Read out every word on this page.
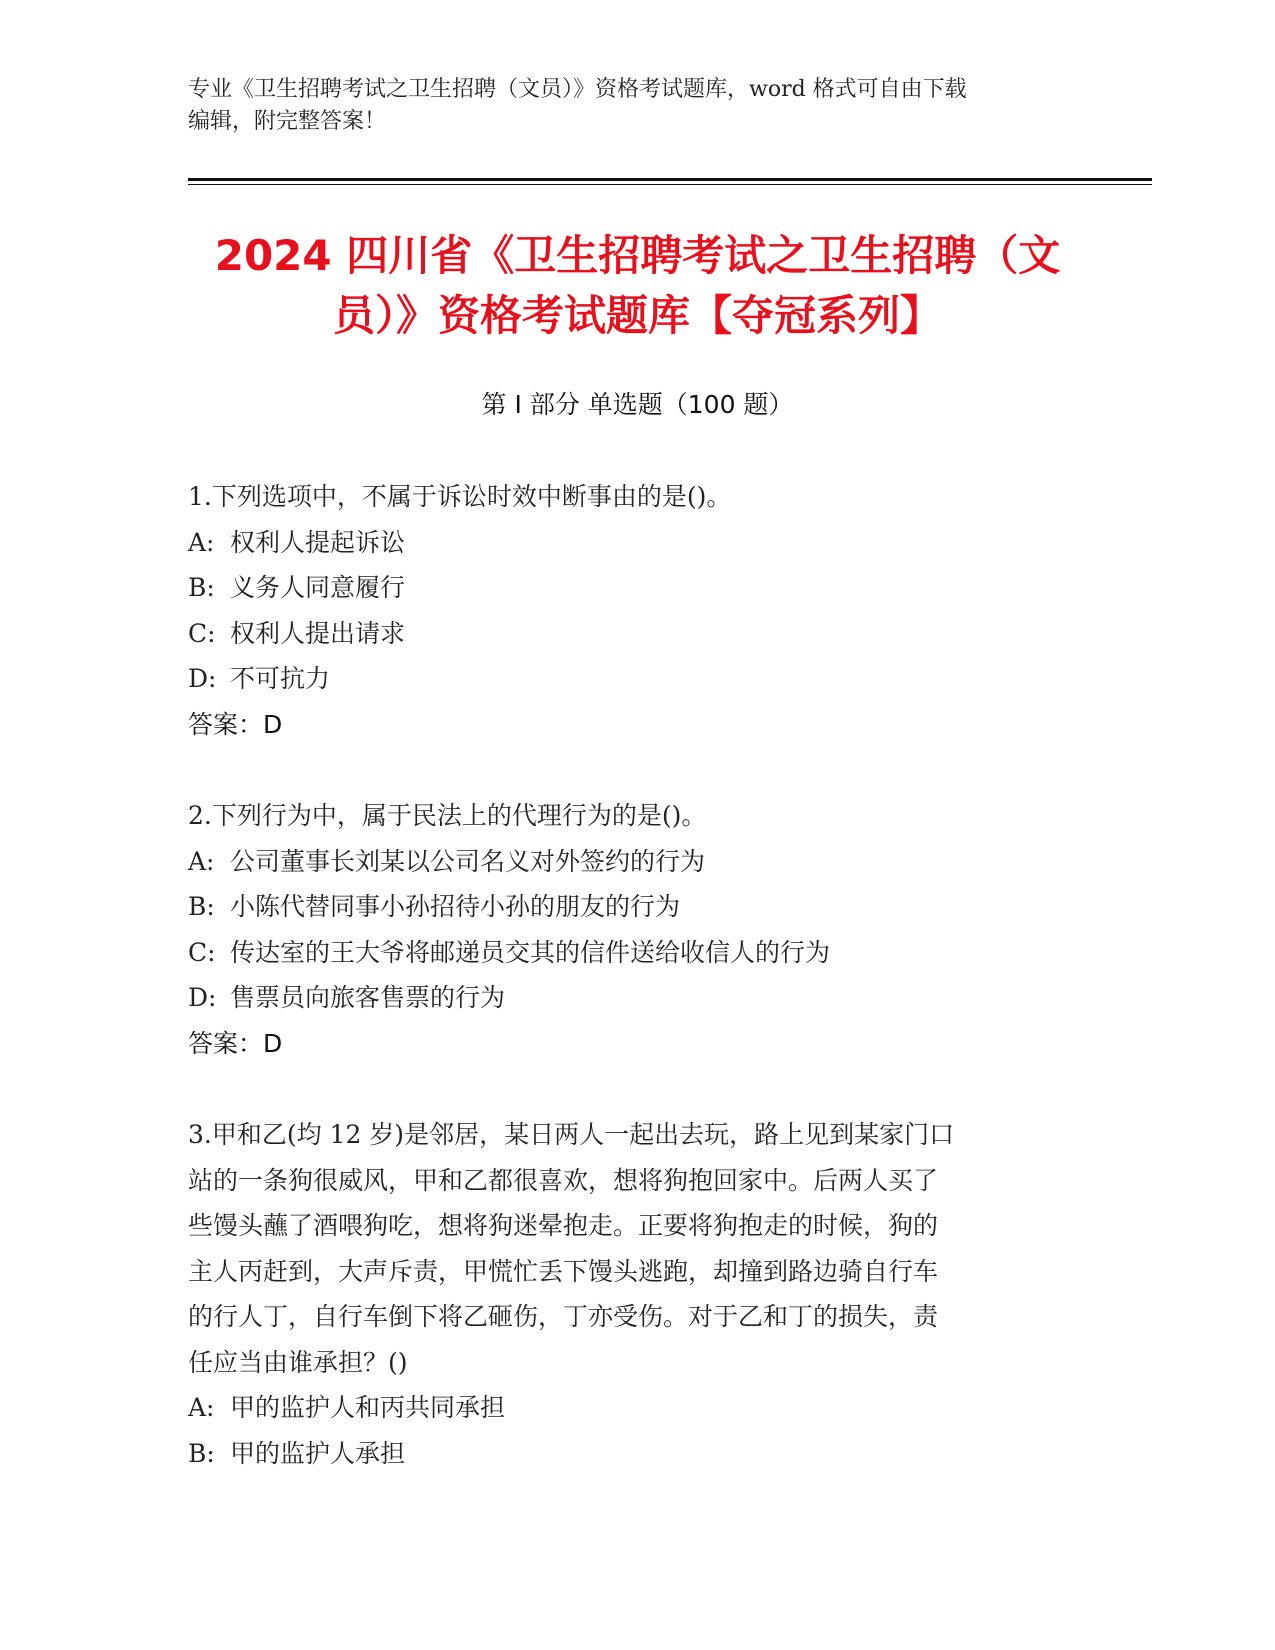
专业《卫生招聘考试之卫生招聘（文员）》资格考试题库，word 格式可自由下载
编辑，附完整答案！
2024 四川省《卫生招聘考试之卫生招聘（文
员）》资格考试题库【夺冠系列】
第 I 部分 单选题（100 题）
1.下列选项中，不属于诉讼时效中断事由的是()。
A: 权利人提起诉讼
B: 义务人同意履行
C: 权利人提出请求
D: 不可抗力
答案：D
2.下列行为中，属于民法上的代理行为的是()。
A: 公司董事长刘某以公司名义对外签约的行为
B: 小陈代替同事小孙招待小孙的朋友的行为
C: 传达室的王大爷将邮递员交其的信件送给收信人的行为
D: 售票员向旅客售票的行为
答案：D
3.甲和乙(均 12 岁)是邻居，某日两人一起出去玩，路上见到某家门口
站的一条狗很威风，甲和乙都很喜欢，想将狗抱回家中。后两人买了
些馒头蘸了酒喂狗吃，想将狗迷晕抱走。正要将狗抱走的时候，狗的
主人丙赶到，大声斥责，甲慌忙丢下馒头逃跑，却撞到路边骑自行车
的行人丁，自行车倒下将乙砸伤，丁亦受伤。对于乙和丁的损失，责
任应当由谁承担？()
A: 甲的监护人和丙共同承担
B: 甲的监护人承担
